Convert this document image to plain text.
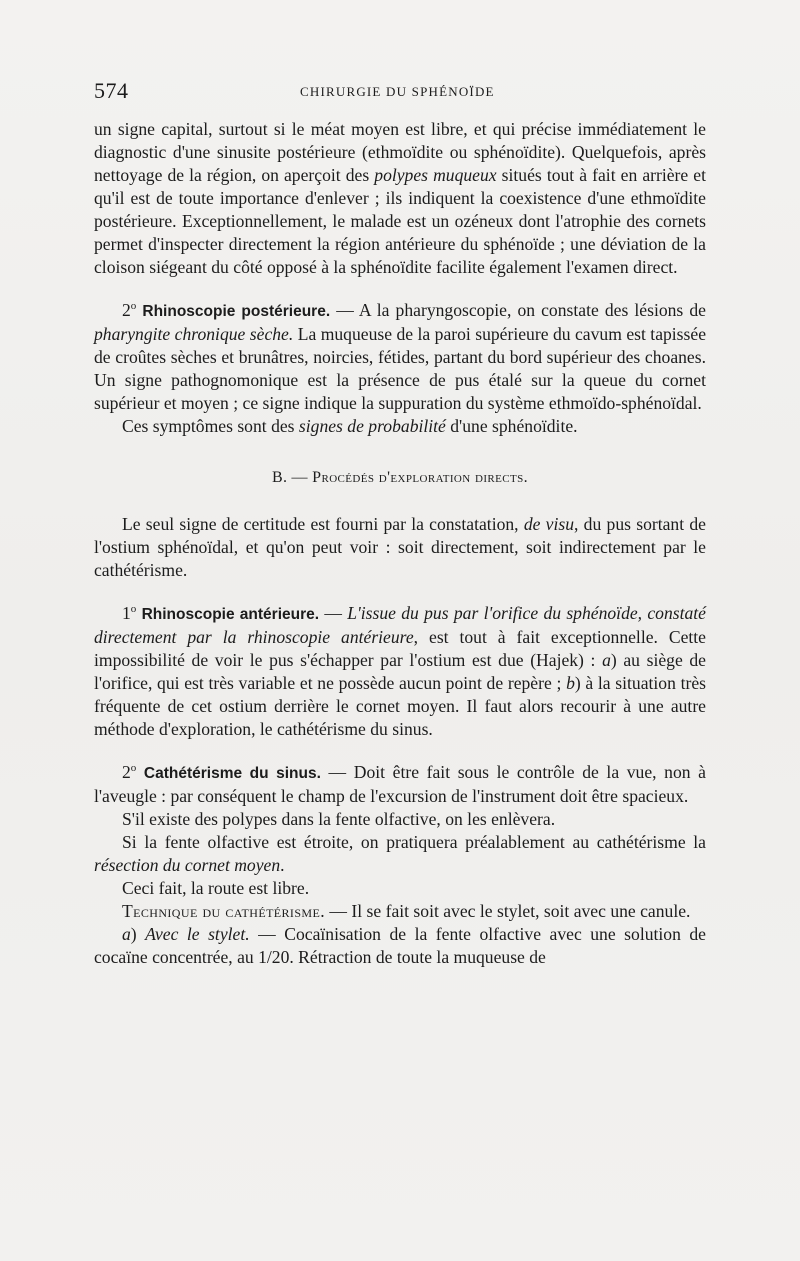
574	CHIRURGIE DU SPHÉNOÏDE

un signe capital, surtout si le méat moyen est libre, et qui précise immédiatement le diagnostic d'une sinusite postérieure (ethmoïdite ou sphénoïdite). Quelquefois, après nettoyage de la région, on aperçoit des polypes muqueux situés tout à fait en arrière et qu'il est de toute importance d'enlever ; ils indiquent la coexistence d'une ethmoïdite postérieure. Exceptionnellement, le malade est un ozéneux dont l'atrophie des cornets permet d'inspecter directement la région antérieure du sphénoïde ; une déviation de la cloison siégeant du côté opposé à la sphénoïdite facilite également l'examen direct.

2$^o$ Rhinoscopie postérieure. — A la pharyngoscopie, on constate des lésions de pharyngite chronique sèche. La muqueuse de la paroi supérieure du cavum est tapissée de croûtes sèches et brunâtres, noircies, fétides, partant du bord supérieur des choanes. Un signe pathognomonique est la présence de pus étalé sur la queue du cornet supérieur et moyen ; ce signe indique la suppuration du système ethmoïdo-sphénoïdal.

Ces symptômes sont des signes de probabilité d'une sphénoïdite.

B. — Procédés d'exploration directs.

Le seul signe de certitude est fourni par la constatation, de visu, du pus sortant de l'ostium sphénoïdal, et qu'on peut voir : soit directement, soit indirectement par le cathétérisme.

1$^o$ Rhinoscopie antérieure. — L'issue du pus par l'orifice du sphénoïde, constaté directement par la rhinoscopie antérieure, est tout à fait exceptionnelle. Cette impossibilité de voir le pus s'échapper par l'ostium est due (Hajek) : a) au siège de l'orifice, qui est très variable et ne possède aucun point de repère ; b) à la situation très fréquente de cet ostium derrière le cornet moyen. Il faut alors recourir à une autre méthode d'exploration, le cathétérisme du sinus.

2$^o$ Cathétérisme du sinus. — Doit être fait sous le contrôle de la vue, non à l'aveugle : par conséquent le champ de l'excursion de l'instrument doit être spacieux.

S'il existe des polypes dans la fente olfactive, on les enlèvera.

Si la fente olfactive est étroite, on pratiquera préalablement au cathétérisme la résection du cornet moyen.

Ceci fait, la route est libre.

Technique du cathétérisme. — Il se fait soit avec le stylet, soit avec une canule.

a) Avec le stylet. — Cocaïnisation de la fente olfactive avec une solution de cocaïne concentrée, au 1/20. Rétraction de toute la muqueuse de
